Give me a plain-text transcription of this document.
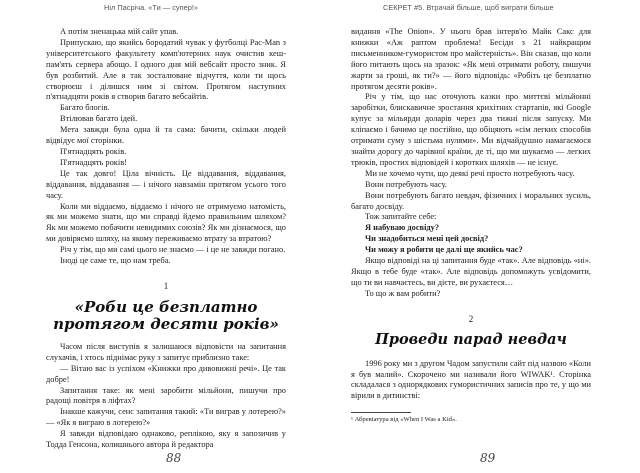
Ніл Пасріча. «Ти — супер!»

А потім зненацька мій сайт упав.

Припускаю, що якийсь бородатий чувак у футболці Pac-Man з університетського факультету комп'ютерних наук очистив кеш-пам'ять сервера абощо. І одного дня мій вебсайт просто зник. Я був розбитий. Але я так зосталюване відчуття, коли ти щось створюєш і ділишся ним зі світом. Протягом наступних п'ятнадцяти років я створив багато вебсайтів.

Багато блогів.

Втілював багато ідей.

Мета завжди була одна й та сама: бачити, скільки людей відвідує мої сторінки.

П'ятнадцять років.

П'ятнадцять років!

Це так довго! Ціла вічність. Це віддавання, віддавання, віддавання, віддавання — і нічого навзамін протягом усього того часу.

Коли ми віддаємо, віддаємо і нічого не отримуємо натомість, як ми можемо знати, що ми справді йдемо правильним шляхом? Як ми можемо побачити невидимих союзів? Як ми дізнаємося, що ми довіряємо шляху, на якому переживаємо втрату за втратою?

Річ у тім, що ми самі цього не знаємо — і це не завжди погано.

Іноді це саме те, що нам треба.

1
«Роби це безплатно
протягом десяти років»

Часом після виступів я залишаюся відповісти на запитання слухачів, і хтось піднімає руку з запитує приблизно таке:

— Вітаю вас із успіхом «Книжки про дивовижні речі». Це так добре!

Запитання таке: як мені заробити мільйони, пишучи про радощі повітря в ліфтах?

Інакше кажучи, сенс запитання такий: «Ти виграв у лотерею?» — «Як я виграю в лотерею?»

Я завжди відповідаю однаково, реплікою, яку я запозичив у Тодда Генсона, колишнього автора й редактора

88
СЕКРЕТ #5. Втрачай більше, щоб виграти більше

видання «The Onion». У нього брав інтерв'ю Майк Сакс для книжки «Аж раптом проблема! Бесіди з 21 найкращим письменником-гумористом про майстерність». Він сказав, що коли його питають щось на зразок: «Як мені отримати роботу, пишучи жарти за гроші, як ти?» — його відповідь: «Робіть це безплатно протягом десяти років».

Річ у тім, що нас оточують казки про миттєві мільйонні заробітки, блискавичне зростання крихітних стартапів, які Google купує за мільярди доларів через два тижні після запуску. Ми кліпаємо і бачимо це постійно, що обіцяють «сім легких способів отримати суму з шістьма нулями». Ми відчайдушно намагаємося знайти дорогу до чарівної країни, де ті, що ми шукаємо — легких трюків, простих відповідей і коротких шляхів — не існує.

Ми не хочемо чути, що деякі речі просто потребують часу.

Вони потребують часу.

Вони потребують багато невдач, фізичних і моральних зусиль, багато досвіду.

Тож запитайте себе:

Я набуваю досвіду?

Чи знадобиться мені цей досвід?

Чи можу я робити це далі ще якийсь час?

Якщо відповіді на ці запитання буде «так». Але відповідь «ні». Якщо в тебе буде «так». Але відповідь допоможуть усвідомити, що ти ви навчаєтесь, ви дієте, ви рухаєтеся…

То що ж вам робити?

2
Проведи парад невдач

1996 року ми з другом Чадом запустили сайт під назвою «Коли я був малий». Скорочено ми називали його WIWAK¹. Сторінка складалася з однорядкових гумористичних записів про те, у що ми вірили в дитинстві:

¹ Абревіатура від «When I Was a Kid».
89
